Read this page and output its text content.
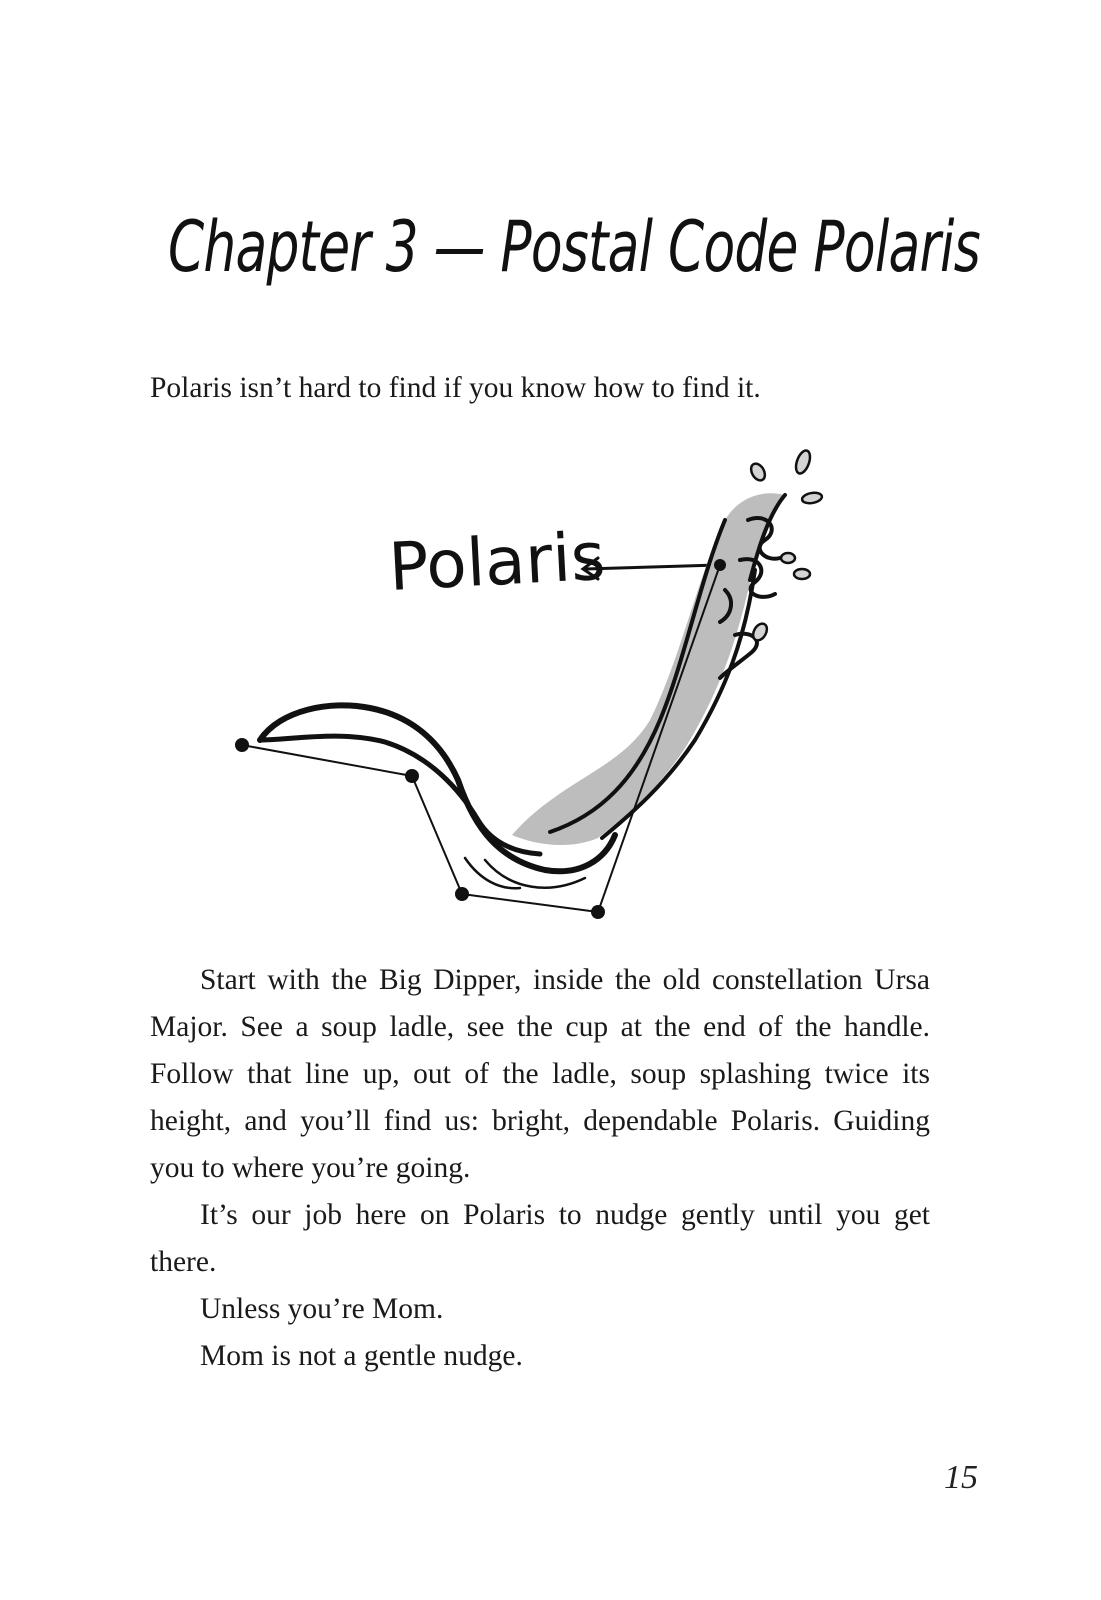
Chapter 3 — Postal Code Polaris

Polaris isn’t hard to find if you know how to find it.

Polaris

Start with the Big Dipper, inside the old constellation Ursa Major. See a soup ladle, see the cup at the end of the handle. Follow that line up, out of the ladle, soup splashing twice its height, and you’ll find us: bright, dependable Polaris. Guiding you to where you’re going.

It’s our job here on Polaris to nudge gently until you get there.

Unless you’re Mom.

Mom is not a gentle nudge.

15
